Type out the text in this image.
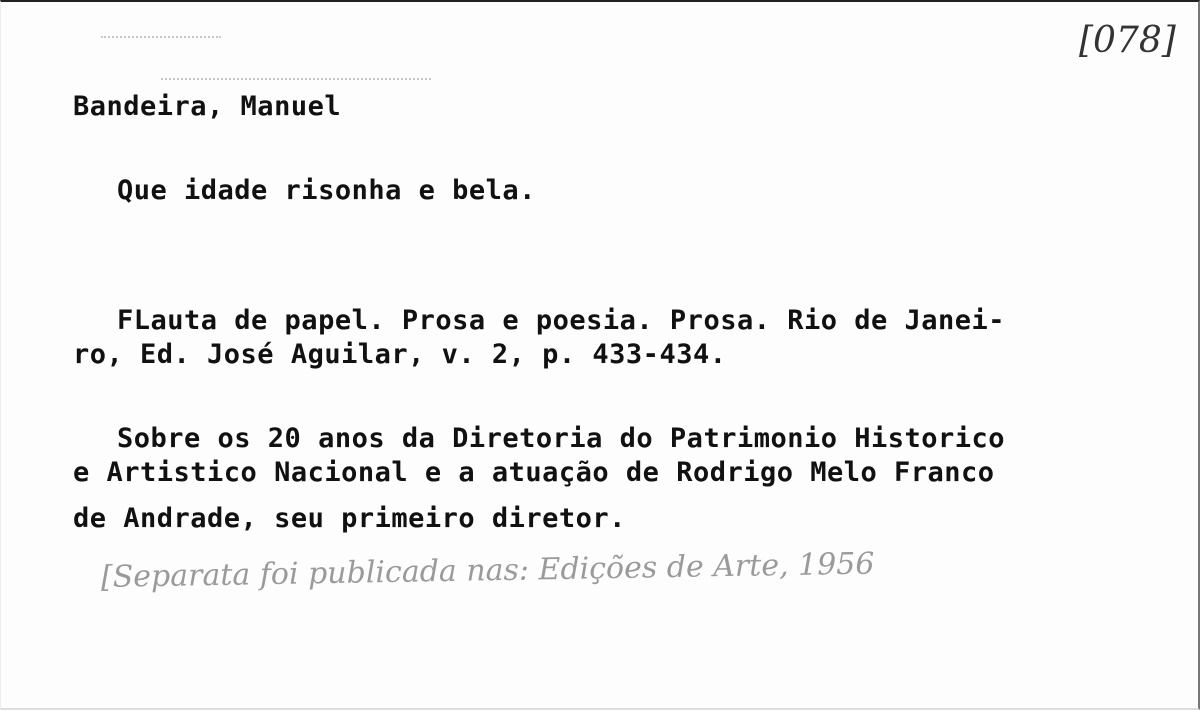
[078]

Bandeira, Manuel

Que idade risonha e bela.

FLauta de papel. Prosa e poesia. Prosa. Rio de Janei-

ro, Ed. José Aguilar, v. 2, p. 433-434.

Sobre os 20 anos da Diretoria do Patrimonio Historico

e Artistico Nacional e a atuação de Rodrigo Melo Franco

de Andrade, seu primeiro diretor.

[Separata foi publicada nas: Edições de Arte, 1956
